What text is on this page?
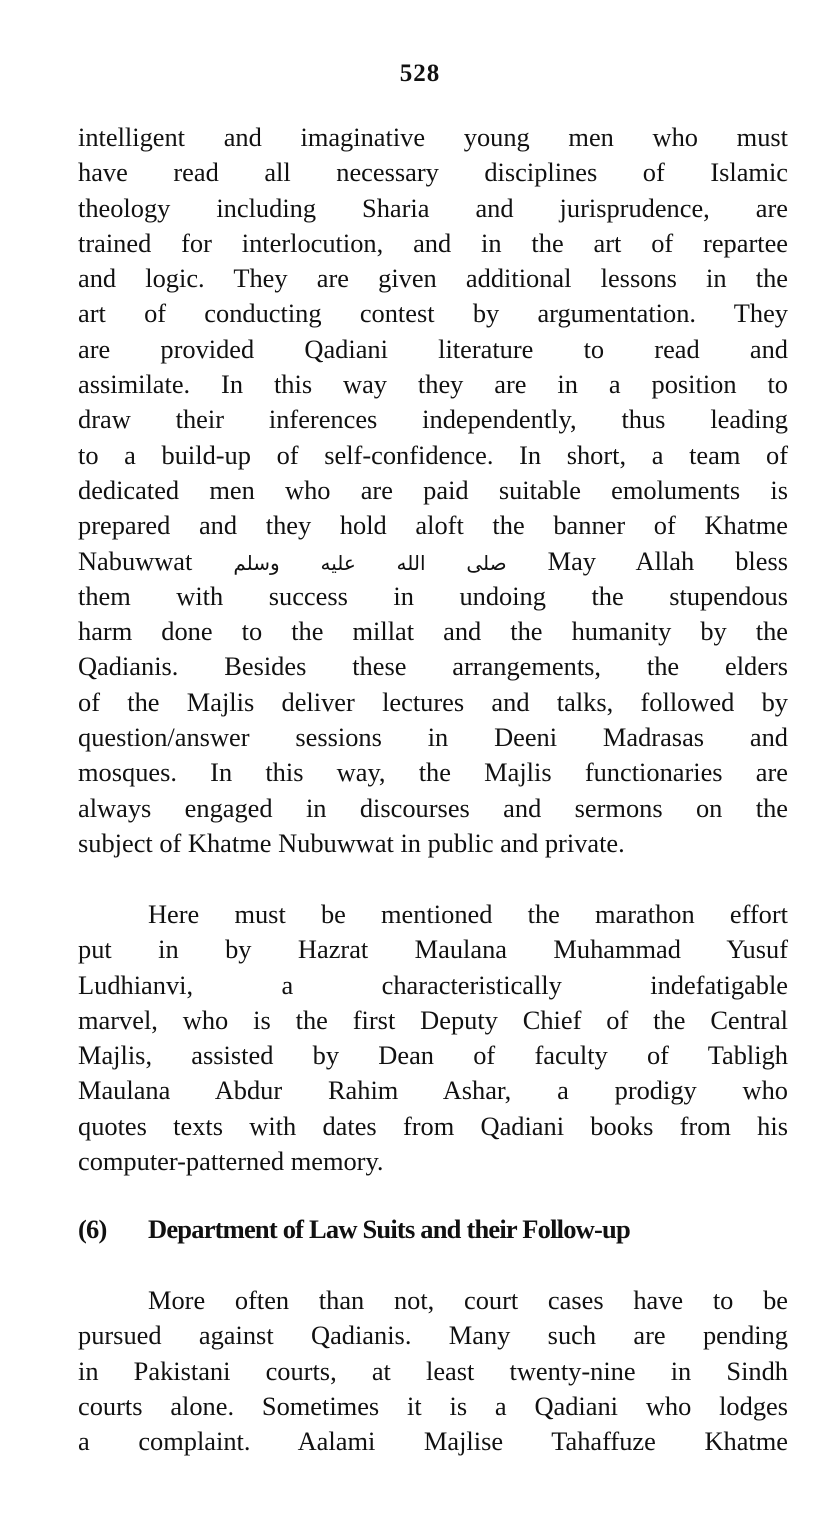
528
intelligent and imaginative young men who must
have read all necessary disciplines of Islamic
theology including Sharia and jurisprudence, are
trained for interlocution, and in the art of repartee
and logic. They are given additional lessons in the
art of conducting contest by argumentation. They
are provided Qadiani literature to read and
assimilate. In this way they are in a position to
draw their inferences independently, thus leading
to a build-up of self-confidence. In short, a team of
dedicated men who are paid suitable emoluments is
prepared and they hold aloft the banner of Khatme
Nabuwwat صلى الله عليه وسلم May Allah bless
them with success in undoing the stupendous
harm done to the millat and the humanity by the
Qadianis. Besides these arrangements, the elders
of the Majlis deliver lectures and talks, followed by
question/answer sessions in Deeni Madrasas and
mosques. In this way, the Majlis functionaries are
always engaged in discourses and sermons on the
subject of Khatme Nubuwwat in public and private.
Here must be mentioned the marathon effort
put in by Hazrat Maulana Muhammad Yusuf
Ludhianvi, a characteristically indefatigable
marvel, who is the first Deputy Chief of the Central
Majlis, assisted by Dean of faculty of Tabligh
Maulana Abdur Rahim Ashar, a prodigy who
quotes texts with dates from Qadiani books from his
computer-patterned memory.
(6) Department of Law Suits and their Follow-up
More often than not, court cases have to be
pursued against Qadianis. Many such are pending
in Pakistani courts, at least twenty-nine in Sindh
courts alone. Sometimes it is a Qadiani who lodges
a complaint. Aalami Majlise Tahaffuze Khatme
